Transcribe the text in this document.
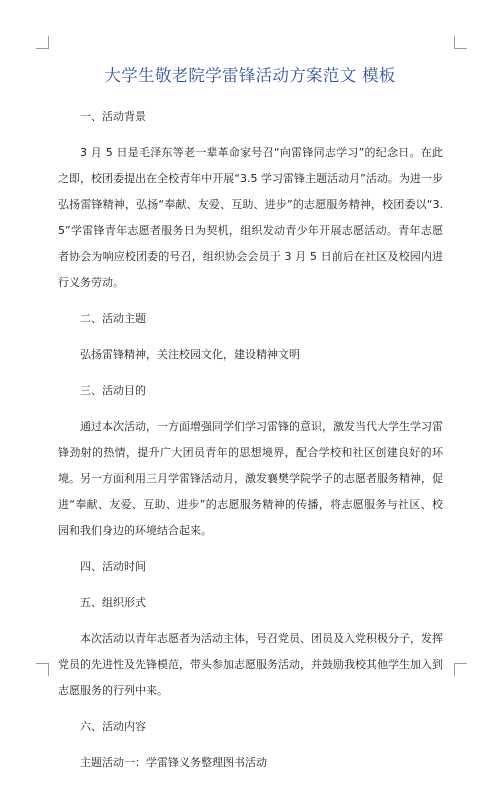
大学生敬老院学雷锋活动方案范文 模板
一、活动背景
3 月 5 日是毛泽东等老一辈革命家号召“向雷锋同志学习”的纪念日。在此之即，校团委提出在全校青年中开展“3.5 学习雷锋主题活动月”活动。为进一步弘扬雷锋精神，弘扬“奉献、友爱、互助、进步”的志愿服务精神，校团委以“3.5”学雷锋青年志愿者服务日为契机，组织发动青少年开展志愿活动。青年志愿者协会为响应校团委的号召，组织协会会员于 3 月 5 日前后在社区及校园内进行义务劳动。
二、活动主题
弘扬雷锋精神，关注校园文化，建设精神文明
三、活动目的
通过本次活动，一方面增强同学们学习雷锋的意识，激发当代大学生学习雷锋劲射的热情，提升广大团员青年的思想境界，配合学校和社区创建良好的环境。另一方面利用三月学雷锋活动月，激发襄樊学院学子的志愿者服务精神，促进“奉献、友爱、互助、进步”的志愿服务精神的传播，将志愿服务与社区、校园和我们身边的环境结合起来。
四、活动时间
五、组织形式
本次活动以青年志愿者为活动主体，号召党员、团员及入党积极分子，发挥党员的先进性及先锋模范，带头参加志愿服务活动，并鼓励我校其他学生加入到志愿服务的行列中来。
六、活动内容
主题活动一：学雷锋义务整理图书活动
